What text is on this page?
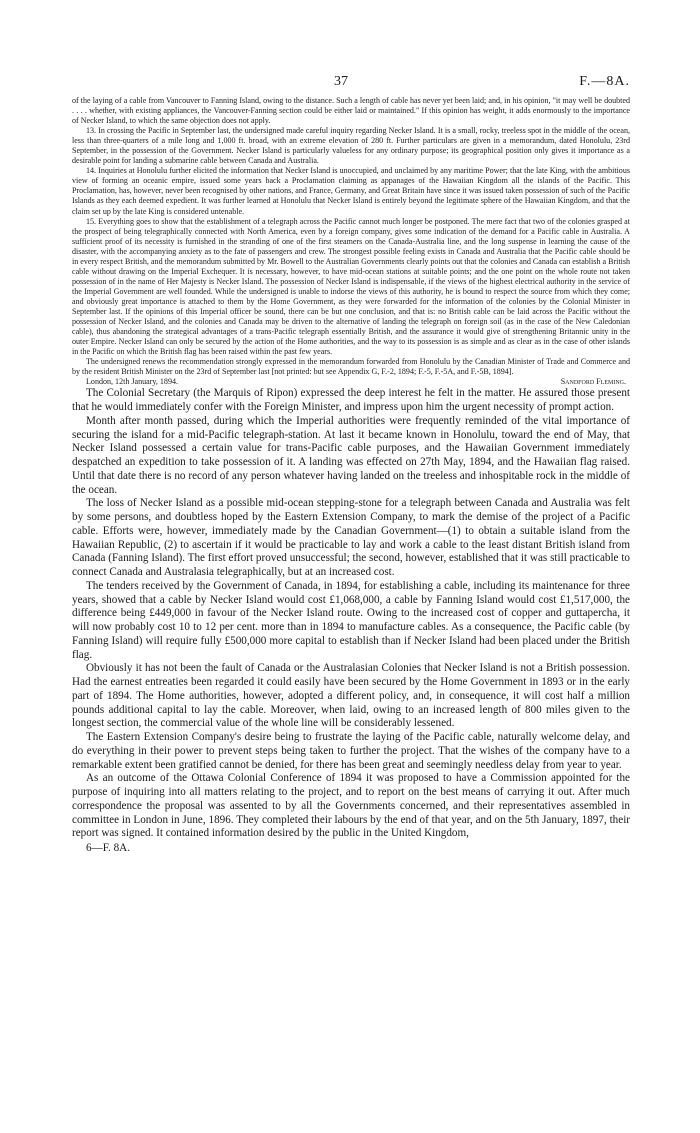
37	F.—8A.

of the laying of a cable from Vancouver to Fanning Island, owing to the distance. Such a length of cable has never yet been laid; and, in his opinion, "it may well be doubted . . . . whether, with existing appliances, the Vancouver-Fanning section could be either laid or maintained." If this opinion has weight, it adds enormously to the importance of Necker Island, to which the same objection does not apply.

13. In crossing the Pacific in September last, the undersigned made careful inquiry regarding Necker Island. It is a small, rocky, treeless spot in the middle of the ocean, less than three-quarters of a mile long and 1,000 ft. broad, with an extreme elevation of 280 ft. Further particulars are given in a memorandum, dated Honolulu, 23rd September, in the possession of the Government. Necker Island is particularly valueless for any ordinary purpose; its geographical position only gives it importance as a desirable point for landing a submarine cable between Canada and Australia.

14. Inquiries at Honolulu further elicited the information that Necker Island is unoccupied, and unclaimed by any maritime Power; that the late King, with the ambitious view of forming an oceanic empire, issued some years back a Proclamation claiming as appanages of the Hawaiian Kingdom all the islands of the Pacific. This Proclamation, has, however, never been recognised by other nations, and France, Germany, and Great Britain have since it was issued taken possession of such of the Pacific Islands as they each deemed expedient. It was further learned at Honolulu that Necker Island is entirely beyond the legitimate sphere of the Hawaiian Kingdom, and that the claim set up by the late King is considered untenable.

15. Everything goes to show that the establishment of a telegraph across the Pacific cannot much longer be postponed. The mere fact that two of the colonies grasped at the prospect of being telegraphically connected with North America, even by a foreign company, gives some indication of the demand for a Pacific cable in Australia. A sufficient proof of its necessity is furnished in the stranding of one of the first steamers on the Canada-Australia line, and the long suspense in learning the cause of the disaster, with the accompanying anxiety as to the fate of passengers and crew. The strongest possible feeling exists in Canada and Australia that the Pacific cable should be in every respect British, and the memorandum submitted by Mr. Bowell to the Australian Governments clearly points out that the colonies and Canada can establish a British cable without drawing on the Imperial Exchequer. It is necessary, however, to have mid-ocean stations at suitable points; and the one point on the whole route not taken possession of in the name of Her Majesty is Necker Island. The possession of Necker Island is indispensable, if the views of the highest electrical authority in the service of the Imperial Government are well founded. While the undersigned is unable to indorse the views of this authority, he is bound to respect the source from which they come; and obviously great importance is attached to them by the Home Government, as they were forwarded for the information of the colonies by the Colonial Minister in September last. If the opinions of this Imperial officer be sound, there can be but one conclusion, and that is: no British cable can be laid across the Pacific without the possession of Necker Island, and the colonies and Canada may be driven to the alternative of landing the telegraph on foreign soil (as in the case of the New Caledonian cable), thus abandoning the strategical advantages of a trans-Pacific telegraph essentially British, and the assurance it would give of strengthening Britannic unity in the outer Empire. Necker Island can only be secured by the action of the Home authorities, and the way to its possession is as simple and as clear as in the case of other islands in the Pacific on which the British flag has been raised within the past few years.

The undersigned renews the recommendation strongly expressed in the memorandum forwarded from Honolulu by the Canadian Minister of Trade and Commerce and by the resident British Minister on the 23rd of September last [not printed: but see Appendix G, F.-2, 1894; F.-5, F.-5A, and F.-5B, 1894].

London, 12th January, 1894.	Sandford Fleming.

The Colonial Secretary (the Marquis of Ripon) expressed the deep interest he felt in the matter. He assured those present that he would immediately confer with the Foreign Minister, and impress upon him the urgent necessity of prompt action.

Month after month passed, during which the Imperial authorities were frequently reminded of the vital importance of securing the island for a mid-Pacific telegraph-station. At last it became known in Honolulu, toward the end of May, that Necker Island possessed a certain value for trans-Pacific cable purposes, and the Hawaiian Government immediately despatched an expedition to take possession of it. A landing was effected on 27th May, 1894, and the Hawaiian flag raised. Until that date there is no record of any person whatever having landed on the treeless and inhospitable rock in the middle of the ocean.

The loss of Necker Island as a possible mid-ocean stepping-stone for a telegraph between Canada and Australia was felt by some persons, and doubtless hoped by the Eastern Extension Company, to mark the demise of the project of a Pacific cable. Efforts were, however, immediately made by the Canadian Government—(1) to obtain a suitable island from the Hawaiian Republic, (2) to ascertain if it would be practicable to lay and work a cable to the least distant British island from Canada (Fanning Island). The first effort proved unsuccessful; the second, however, established that it was still practicable to connect Canada and Australasia telegraphically, but at an increased cost.

The tenders received by the Government of Canada, in 1894, for establishing a cable, including its maintenance for three years, showed that a cable by Necker Island would cost £1,068,000, a cable by Fanning Island would cost £1,517,000, the difference being £449,000 in favour of the Necker Island route. Owing to the increased cost of copper and guttapercha, it will now probably cost 10 to 12 per cent. more than in 1894 to manufacture cables. As a consequence, the Pacific cable (by Fanning Island) will require fully £500,000 more capital to establish than if Necker Island had been placed under the British flag.

Obviously it has not been the fault of Canada or the Australasian Colonies that Necker Island is not a British possession. Had the earnest entreaties been regarded it could easily have been secured by the Home Government in 1893 or in the early part of 1894. The Home authorities, however, adopted a different policy, and, in consequence, it will cost half a million pounds additional capital to lay the cable. Moreover, when laid, owing to an increased length of 800 miles given to the longest section, the commercial value of the whole line will be considerably lessened.

The Eastern Extension Company's desire being to frustrate the laying of the Pacific cable, naturally welcome delay, and do everything in their power to prevent steps being taken to further the project. That the wishes of the company have to a remarkable extent been gratified cannot be denied, for there has been great and seemingly needless delay from year to year.

As an outcome of the Ottawa Colonial Conference of 1894 it was proposed to have a Commission appointed for the purpose of inquiring into all matters relating to the project, and to report on the best means of carrying it out. After much correspondence the proposal was assented to by all the Governments concerned, and their representatives assembled in committee in London in June, 1896. They completed their labours by the end of that year, and on the 5th January, 1897, their report was signed. It contained information desired by the public in the United Kingdom,

6—F. 8A.
